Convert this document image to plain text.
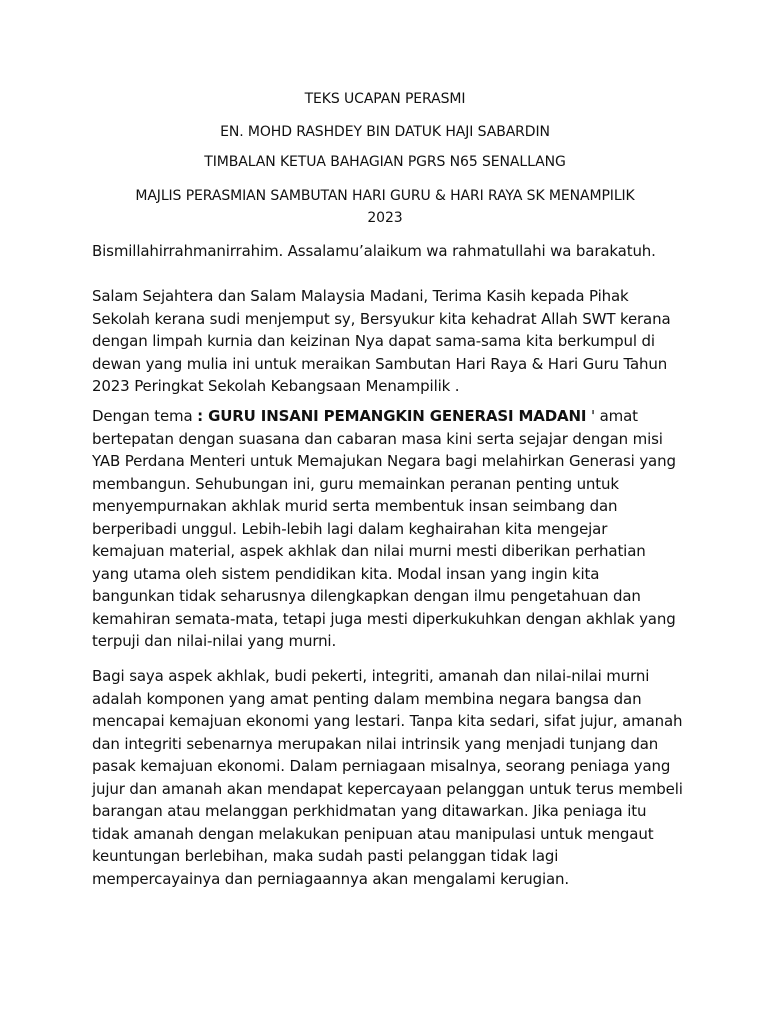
TEKS UCAPAN PERASMI

EN. MOHD RASHDEY BIN DATUK HAJI SABARDIN

TIMBALAN KETUA BAHAGIAN PGRS N65 SENALLANG

MAJLIS PERASMIAN SAMBUTAN HARI GURU & HARI RAYA SK MENAMPILIK
2023

Bismillahirrahmanirrahim. Assalamu’alaikum wa rahmatullahi wa barakatuh.

Salam Sejahtera dan Salam Malaysia Madani, Terima Kasih kepada Pihak
Sekolah kerana sudi menjemput sy, Bersyukur kita kehadrat Allah SWT kerana
dengan limpah kurnia dan keizinan Nya dapat sama-sama kita berkumpul di
dewan yang mulia ini untuk meraikan Sambutan Hari Raya & Hari Guru Tahun
2023 Peringkat Sekolah Kebangsaan Menampilik .

Dengan tema : GURU INSANI PEMANGKIN GENERASI MADANI ' amat
bertepatan dengan suasana dan cabaran masa kini serta sejajar dengan misi
YAB Perdana Menteri untuk Memajukan Negara bagi melahirkan Generasi yang
membangun. Sehubungan ini, guru memainkan peranan penting untuk
menyempurnakan akhlak murid serta membentuk insan seimbang dan
berperibadi unggul. Lebih-lebih lagi dalam keghairahan kita mengejar
kemajuan material, aspek akhlak dan nilai murni mesti diberikan perhatian
yang utama oleh sistem pendidikan kita. Modal insan yang ingin kita
bangunkan tidak seharusnya dilengkapkan dengan ilmu pengetahuan dan
kemahiran semata-mata, tetapi juga mesti diperkukuhkan dengan akhlak yang
terpuji dan nilai-nilai yang murni.

Bagi saya aspek akhlak, budi pekerti, integriti, amanah dan nilai-nilai murni
adalah komponen yang amat penting dalam membina negara bangsa dan
mencapai kemajuan ekonomi yang lestari. Tanpa kita sedari, sifat jujur, amanah
dan integriti sebenarnya merupakan nilai intrinsik yang menjadi tunjang dan
pasak kemajuan ekonomi. Dalam perniagaan misalnya, seorang peniaga yang
jujur dan amanah akan mendapat kepercayaan pelanggan untuk terus membeli
barangan atau melanggan perkhidmatan yang ditawarkan. Jika peniaga itu
tidak amanah dengan melakukan penipuan atau manipulasi untuk mengaut
keuntungan berlebihan, maka sudah pasti pelanggan tidak lagi
mempercayainya dan perniagaannya akan mengalami kerugian.
